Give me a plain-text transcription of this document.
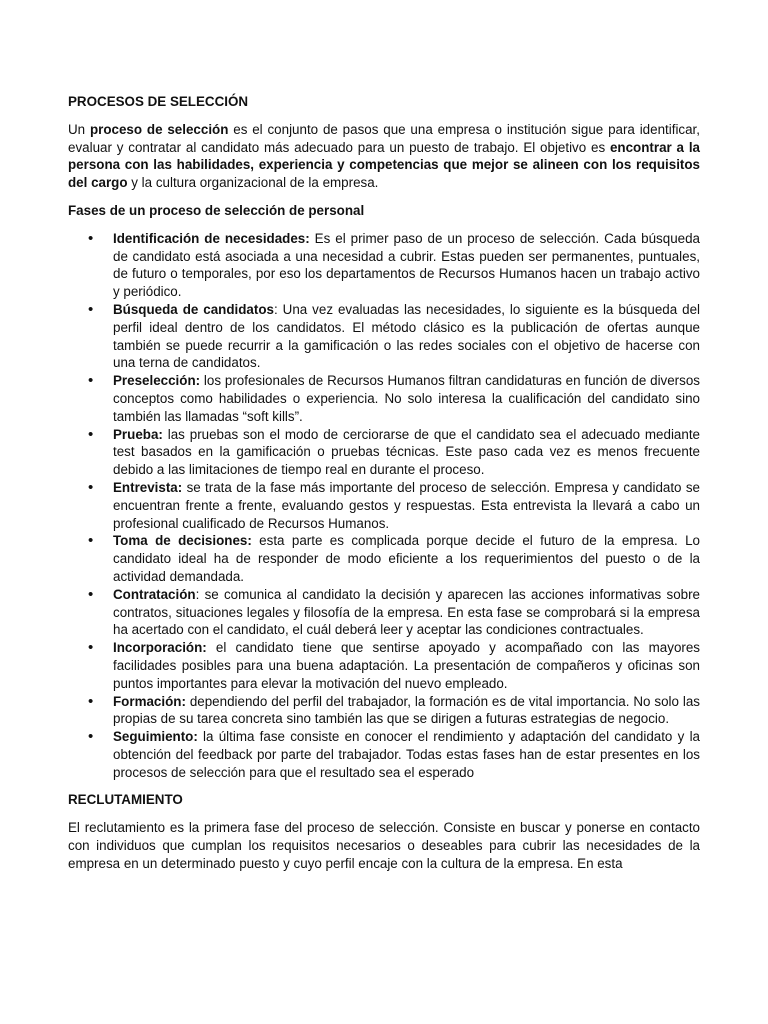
PROCESOS DE SELECCIÓN

Un proceso de selección es el conjunto de pasos que una empresa o institución sigue para identificar, evaluar y contratar al candidato más adecuado para un puesto de trabajo. El objetivo es encontrar a la persona con las habilidades, experiencia y competencias que mejor se alineen con los requisitos del cargo y la cultura organizacional de la empresa.

Fases de un proceso de selección de personal
• Identificación de necesidades: Es el primer paso de un proceso de selección. Cada búsqueda de candidato está asociada a una necesidad a cubrir. Estas pueden ser permanentes, puntuales, de futuro o temporales, por eso los departamentos de Recursos Humanos hacen un trabajo activo y periódico.
• Búsqueda de candidatos: Una vez evaluadas las necesidades, lo siguiente es la búsqueda del perfil ideal dentro de los candidatos. El método clásico es la publicación de ofertas aunque también se puede recurrir a la gamificación o las redes sociales con el objetivo de hacerse con una terna de candidatos.
• Preselección: los profesionales de Recursos Humanos filtran candidaturas en función de diversos conceptos como habilidades o experiencia. No solo interesa la cualificación del candidato sino también las llamadas “soft kills”.
• Prueba: las pruebas son el modo de cerciorarse de que el candidato sea el adecuado mediante test basados en la gamificación o pruebas técnicas. Este paso cada vez es menos frecuente debido a las limitaciones de tiempo real en durante el proceso.
• Entrevista: se trata de la fase más importante del proceso de selección. Empresa y candidato se encuentran frente a frente, evaluando gestos y respuestas. Esta entrevista la llevará a cabo un profesional cualificado de Recursos Humanos.
• Toma de decisiones: esta parte es complicada porque decide el futuro de la empresa. Lo candidato ideal ha de responder de modo eficiente a los requerimientos del puesto o de la actividad demandada.
• Contratación: se comunica al candidato la decisión y aparecen las acciones informativas sobre contratos, situaciones legales y filosofía de la empresa. En esta fase se comprobará si la empresa ha acertado con el candidato, el cuál deberá leer y aceptar las condiciones contractuales.
• Incorporación: el candidato tiene que sentirse apoyado y acompañado con las mayores facilidades posibles para una buena adaptación. La presentación de compañeros y oficinas son puntos importantes para elevar la motivación del nuevo empleado.
• Formación: dependiendo del perfil del trabajador, la formación es de vital importancia. No solo las propias de su tarea concreta sino también las que se dirigen a futuras estrategias de negocio.
• Seguimiento: la última fase consiste en conocer el rendimiento y adaptación del candidato y la obtención del feedback por parte del trabajador. Todas estas fases han de estar presentes en los procesos de selección para que el resultado sea el esperado
RECLUTAMIENTO

El reclutamiento es la primera fase del proceso de selección. Consiste en buscar y ponerse en contacto con individuos que cumplan los requisitos necesarios o deseables para cubrir las necesidades de la empresa en un determinado puesto y cuyo perfil encaje con la cultura de la empresa. En esta
